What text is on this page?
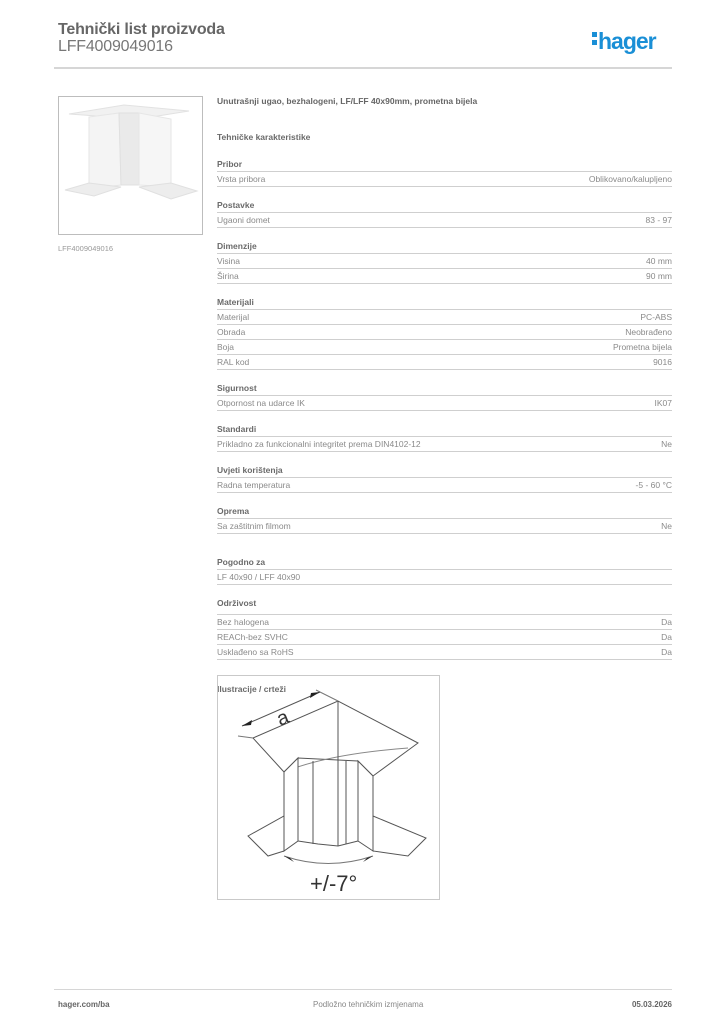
Tehnički list proizvoda
LFF4009049016	hager
LFF4009049016
Unutrašnji ugao, bezhalogeni, LF/LFF 40x90mm, prometna bijela
Tehničke karakteristike
Pribor
Vrsta pribora	Oblikovano/kalupljeno
Postavke
Ugaoni domet	83 - 97
Dimenzije
Visina	40 mm
Širina	90 mm
Materijali
Materijal	PC-ABS
Obrada	Neobrađeno
Boja	Prometna bijela
RAL kod	9016
Sigurnost
Otpornost na udarce IK	IK07
Standardi
Prikladno za funkcionalni integritet prema DIN4102-12	Ne
Uvjeti korištenja
Radna temperatura	-5 - 60 °C
Oprema
Sa zaštitnim filmom	Ne
Pogodno za
LF 40x90 / LFF 40x90
Održivost
Bez halogena	Da
REACh-bez SVHC	Da
Usklađeno sa RoHS	Da
Ilustracije / crteži
a
+/-7°
hager.com/ba	Podložno tehničkim izmjenama	05.03.2026
